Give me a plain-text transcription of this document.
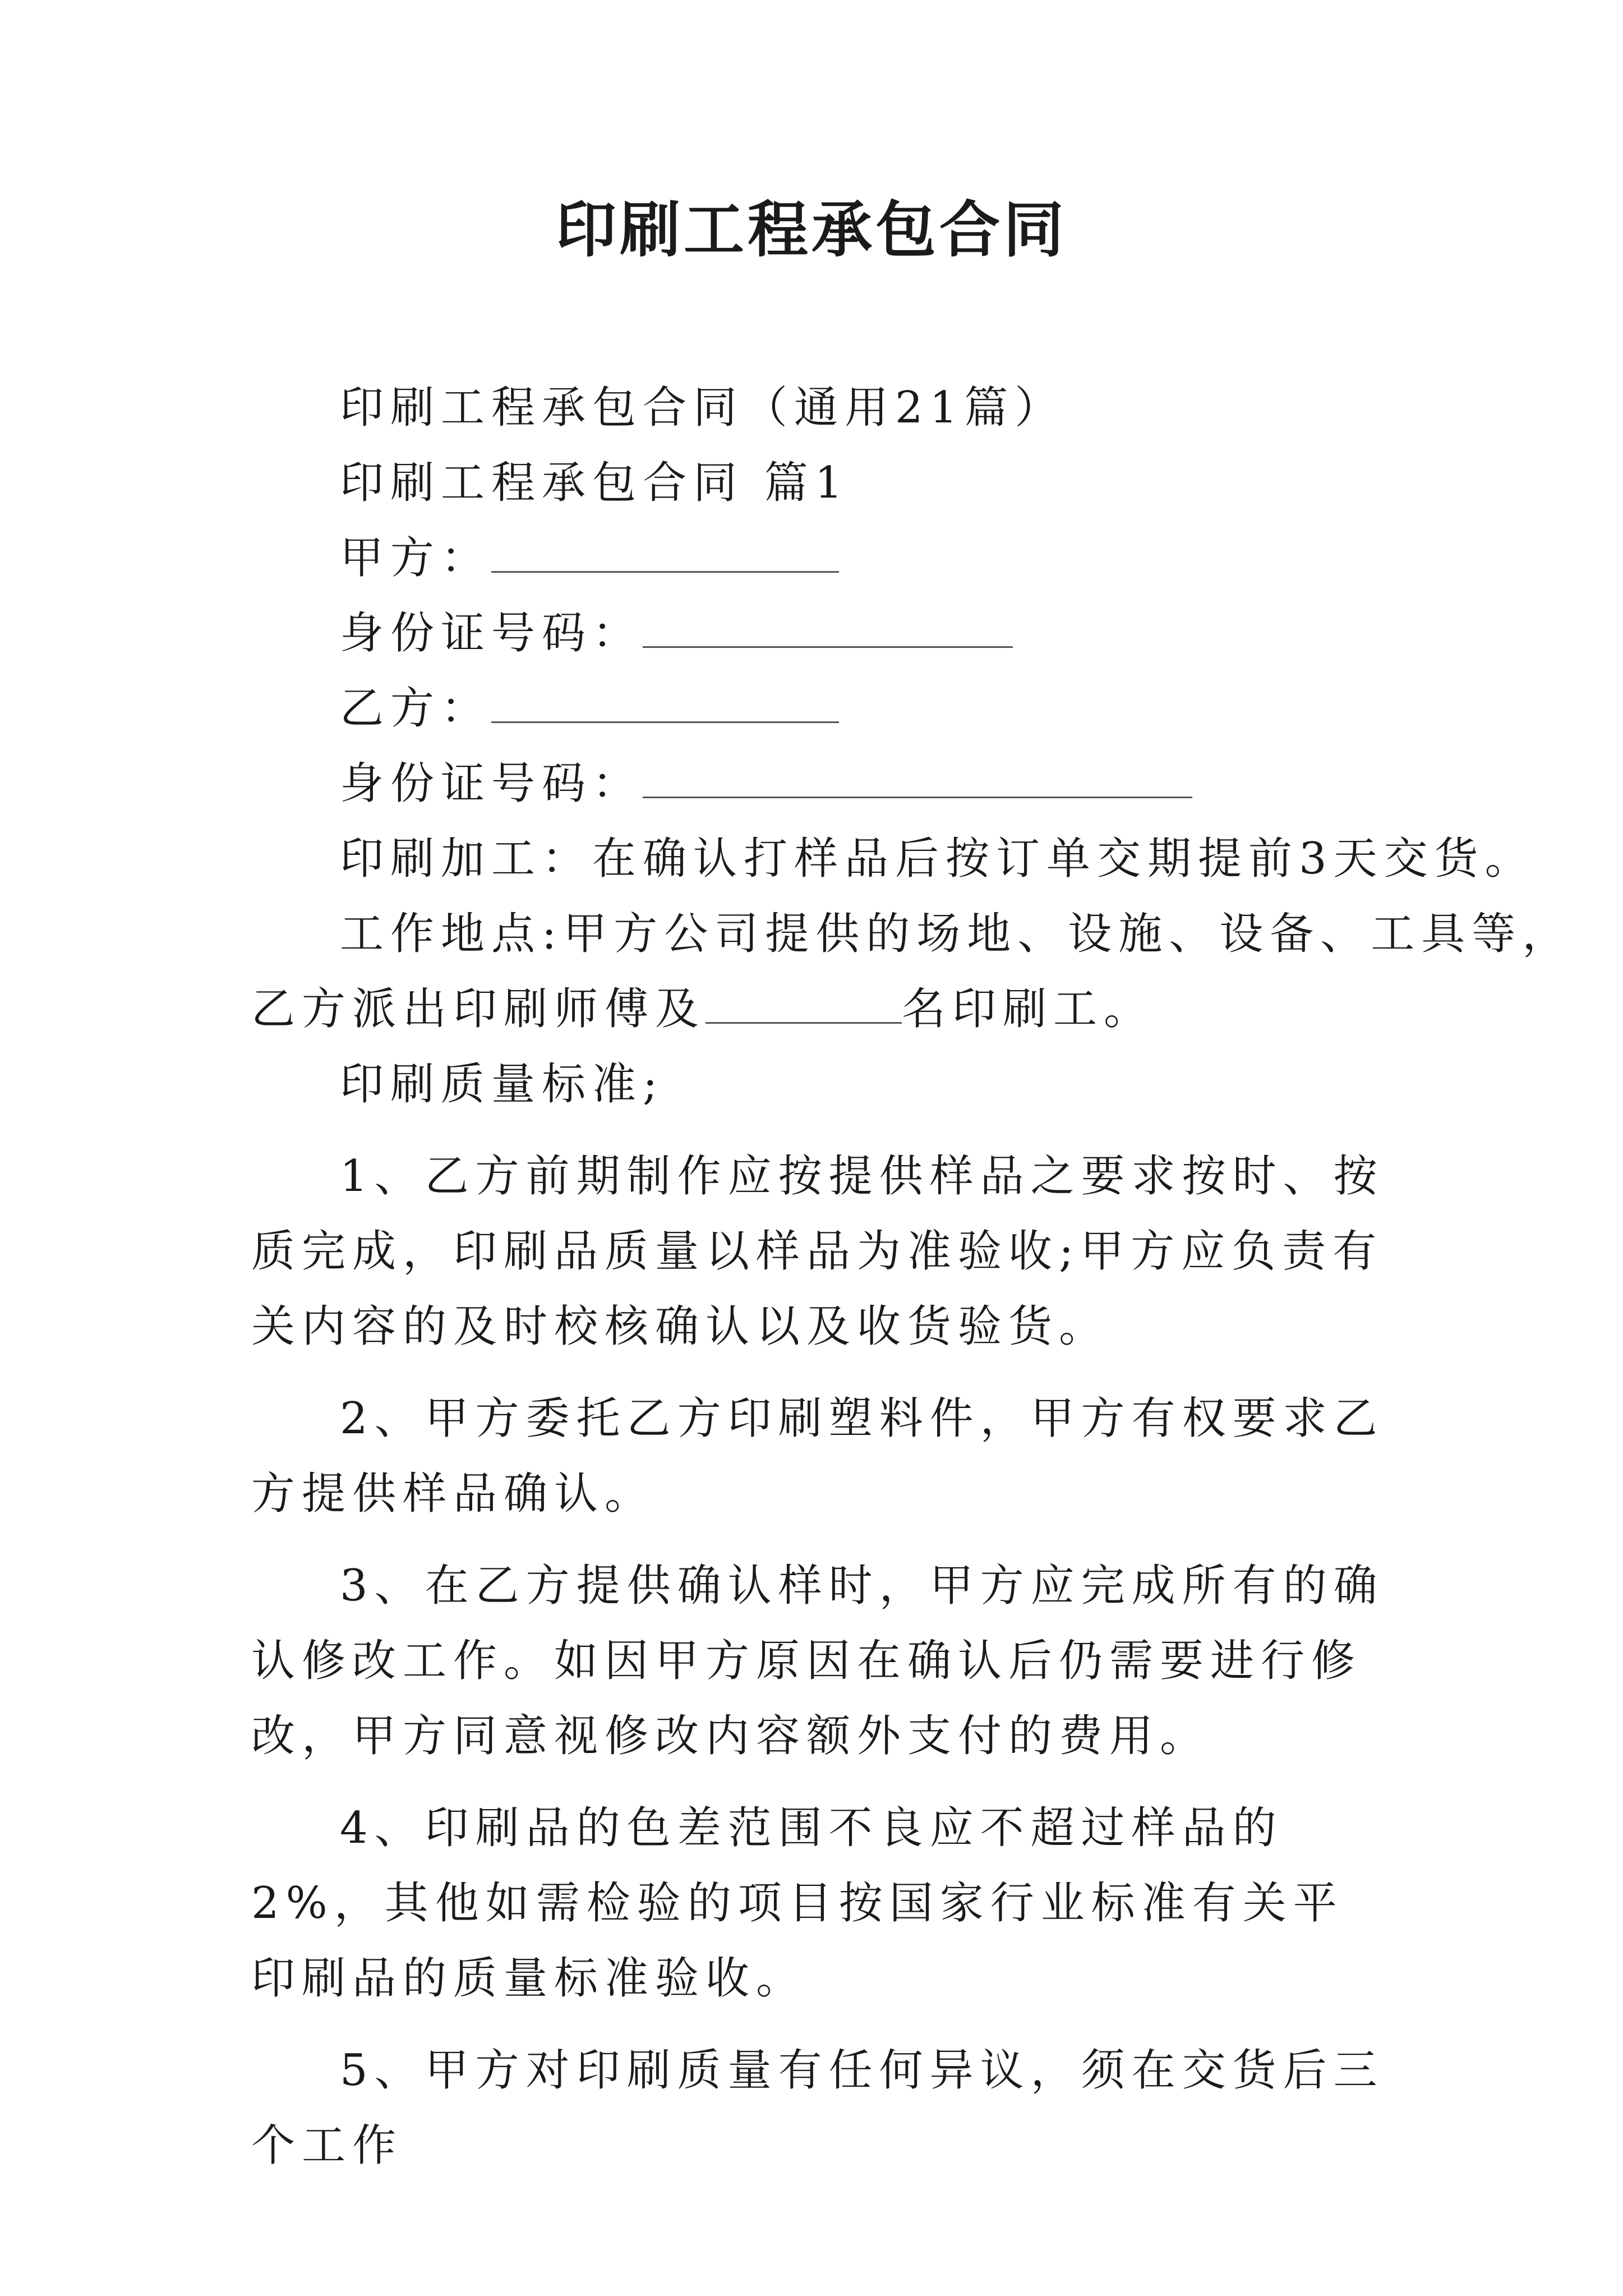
印刷工程承包合同

印刷工程承包合同（通用21篇）

印刷工程承包合同 篇1

甲方：

身份证号码：

乙方：

身份证号码：

印刷加工：在确认打样品后按订单交期提前3天交货。

工作地点:甲方公司提供的场地、设施、设备、工具等，

乙方派出印刷师傅及	名印刷工。

印刷质量标准;

1、乙方前期制作应按提供样品之要求按时、按质完成，印刷品质量以样品为准验收;甲方应负责有关内容的及时校核确认以及收货验货。

2、甲方委托乙方印刷塑料件，甲方有权要求乙方提供样品确认。

3、在乙方提供确认样时，甲方应完成所有的确认修改工作。如因甲方原因在确认后仍需要进行修改，甲方同意视修改内容额外支付的费用。

4、印刷品的色差范围不良应不超过样品的2%，其他如需检验的项目按国家行业标准有关平印刷品的质量标准验收。

5、甲方对印刷质量有任何异议，须在交货后三个工作
